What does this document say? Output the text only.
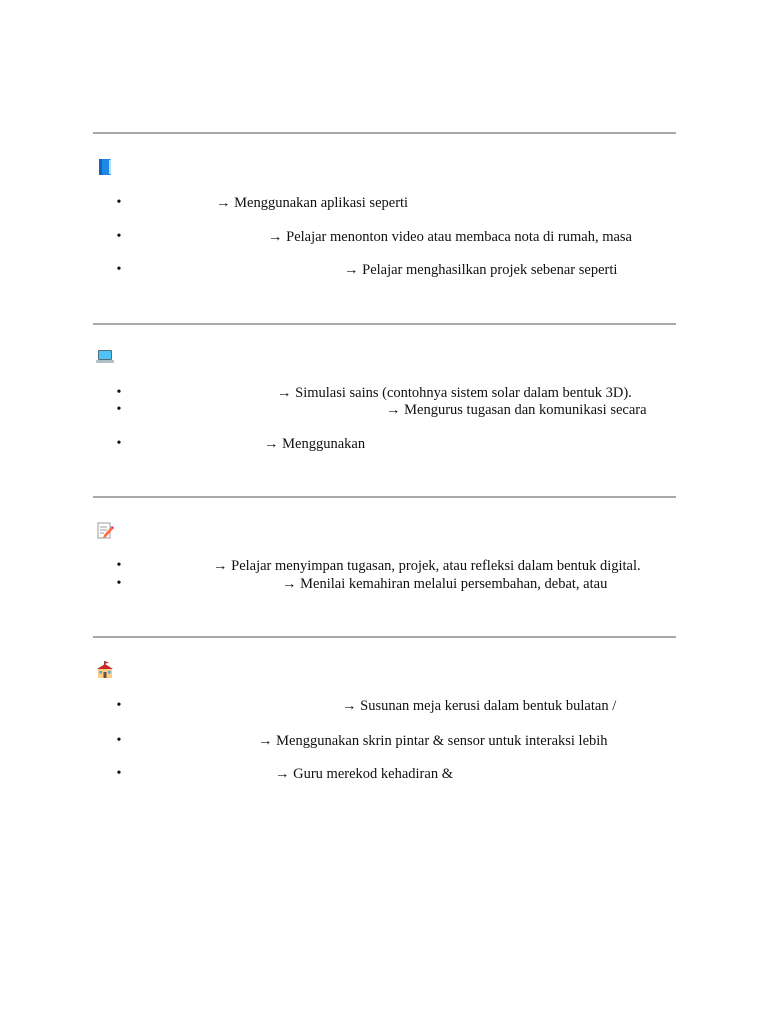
•	→ Menggunakan aplikasi seperti
•	→ Pelajar menonton video atau membaca nota di rumah, masa
•	→ Pelajar menghasilkan projek sebenar seperti
•	→ Simulasi sains (contohnya sistem solar dalam bentuk 3D).
•	→ Mengurus tugasan dan komunikasi secara
•	→ Menggunakan
•	→ Pelajar menyimpan tugasan, projek, atau refleksi dalam bentuk digital.
•	→ Menilai kemahiran melalui persembahan, debat, atau
•	→ Susunan meja kerusi dalam bentuk bulatan /
•	→ Menggunakan skrin pintar & sensor untuk interaksi lebih
•	→ Guru merekod kehadiran &
